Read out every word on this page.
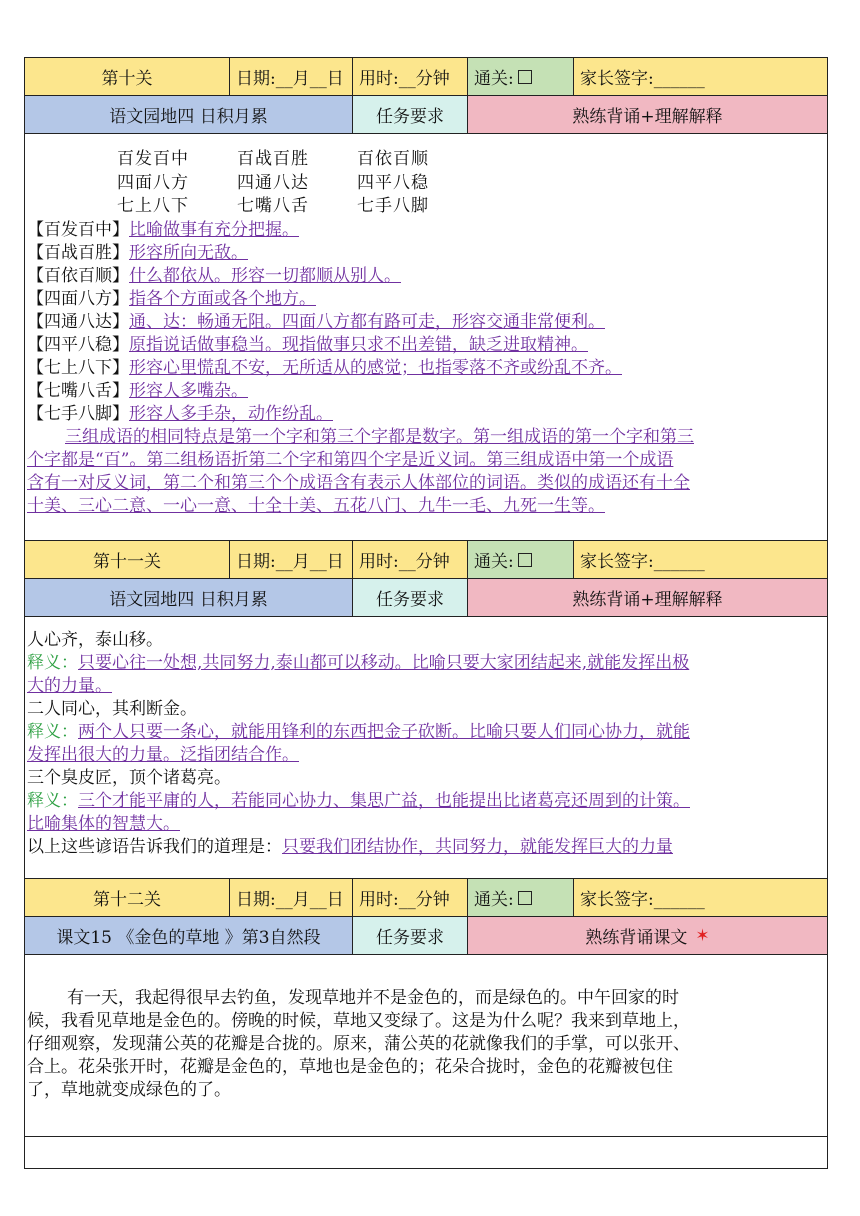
第十关	日期:__月__日 用时:__分钟	通关:	家长签字:______
语文园地四 日积月累	任务要求	熟练背诵+理解解释
百发百中	百战百胜	百依百顺
四面八方	四通八达	四平八稳
七上八下	七嘴八舌	七手八脚
【百发百中】比喻做事有充分把握。
【百战百胜】形容所向无敌。
【百依百顺】什么都依从。形容一切都顺从别人。
【四面八方】指各个方面或各个地方。
【四通八达】通、达：畅通无阻。四面八方都有路可走，形容交通非常便利。
【四平八稳】原指说话做事稳当。现指做事只求不出差错，缺乏进取精神。
【七上八下】形容心里慌乱不安，无所适从的感觉；也指零落不齐或纷乱不齐。
【七嘴八舌】形容人多嘴杂。
【七手八脚】形容人多手杂，动作纷乱。
三组成语的相同特点是第一个字和第三个字都是数字。第一组成语的第一个字和第三
个字都是“百”。第二组杨语折第二个字和第四个字是近义词。第三组成语中第一个成语
含有一对反义词，第二个和第三个个成语含有表示人体部位的词语。类似的成语还有十全
十美、三心二意、一心一意、十全十美、五花八门、九牛一毛、九死一生等。
第十一关	日期:__月__日 用时:__分钟	通关:	家长签字:______
语文园地四 日积月累	任务要求	熟练背诵+理解解释
人心齐，泰山移。
释义：只要心往一处想,共同努力,泰山都可以移动。比喻只要大家团结起来,就能发挥出极
大的力量。
二人同心，其利断金。
释义：两个人只要一条心，就能用锋利的东西把金子砍断。比喻只要人们同心协力，就能
发挥出很大的力量。泛指团结合作。
三个臭皮匠，顶个诸葛亮。
释义：三个才能平庸的人，若能同心协力、集思广益，也能提出比诸葛亮还周到的计策。
比喻集体的智慧大。
以上这些谚语告诉我们的道理是：只要我们团结协作，共同努力，就能发挥巨大的力量
第十二关	日期:__月__日 用时:__分钟	通关:	家长签字:______
课文15 《金色的草地 》第3自然段	任务要求	熟练背诵课文 ✶
有一天，我起得很早去钓鱼，发现草地并不是金色的，而是绿色的。中午回家的时
候，我看见草地是金色的。傍晚的时候，草地又变绿了。这是为什么呢？我来到草地上，
仔细观察，发现蒲公英的花瓣是合拢的。原来，蒲公英的花就像我们的手掌，可以张开、
合上。花朵张开时，花瓣是金色的，草地也是金色的；花朵合拢时，金色的花瓣被包住
了，草地就变成绿色的了。
